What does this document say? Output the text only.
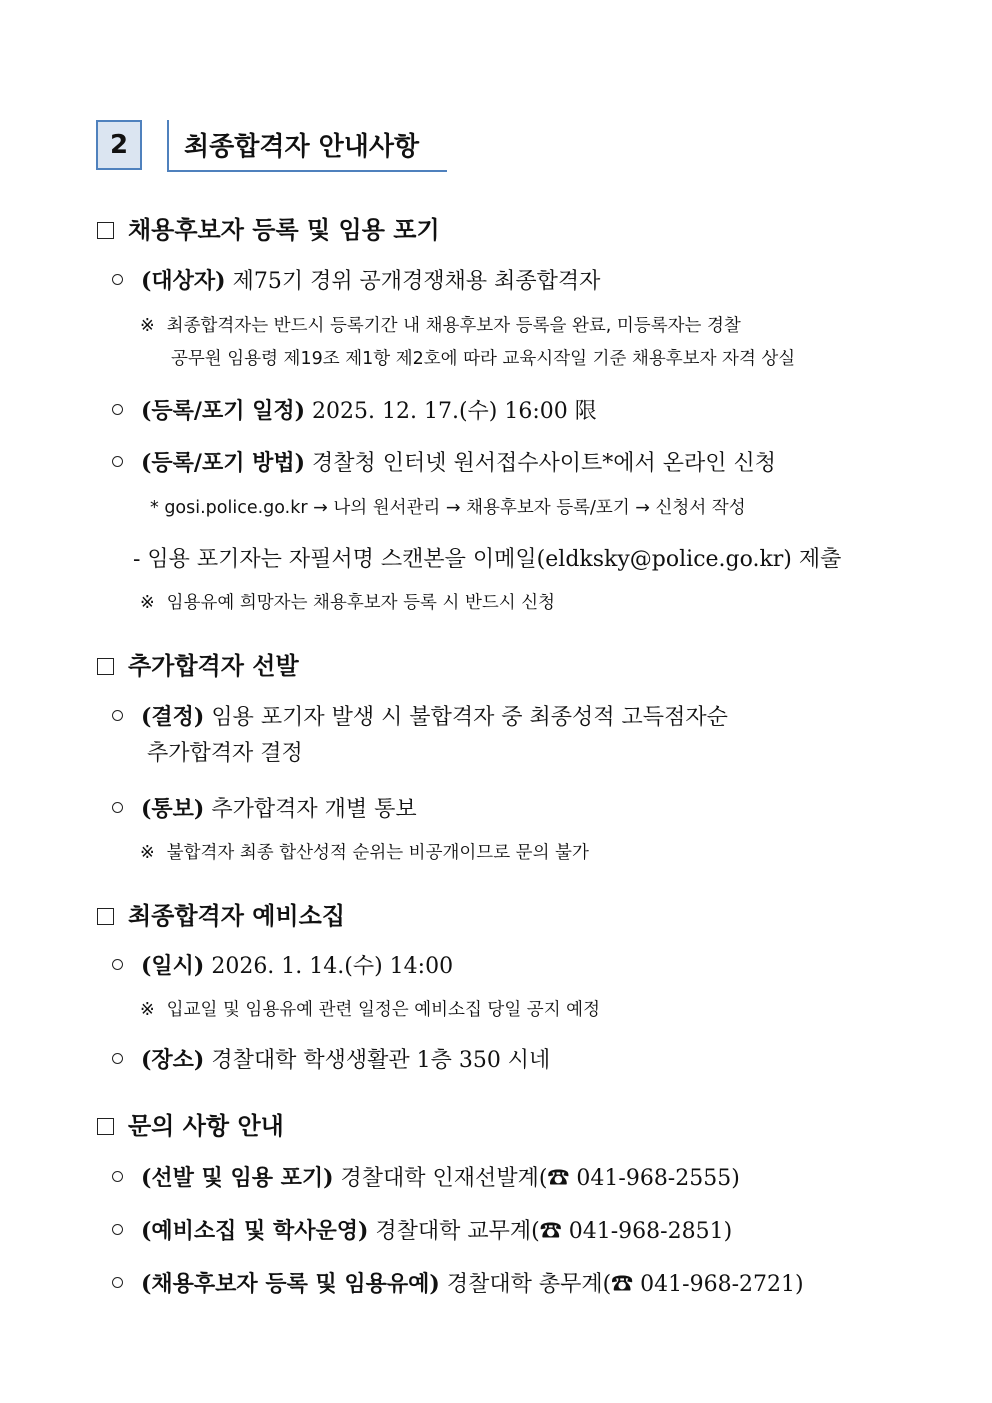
2 최종합격자 안내사항
채용후보자 등록 및 임용 포기
(대상자) 제75기 경위 공개경쟁채용 최종합격자
※ 최종합격자는 반드시 등록기간 내 채용후보자 등록을 완료, 미등록자는 경찰
공무원 임용령 제19조 제1항 제2호에 따라 교육시작일 기준 채용후보자 자격 상실
(등록/포기 일정) 2025. 12. 17.(수) 16:00 限
(등록/포기 방법) 경찰청 인터넷 원서접수사이트*에서 온라인 신청
* gosi.police.go.kr → 나의 원서관리 → 채용후보자 등록/포기 → 신청서 작성
- 임용 포기자는 자필서명 스캔본을 이메일(eldksky@police.go.kr) 제출
※ 임용유예 희망자는 채용후보자 등록 시 반드시 신청
추가합격자 선발
(결정) 임용 포기자 발생 시 불합격자 중 최종성적 고득점자순
추가합격자 결정
(통보) 추가합격자 개별 통보
※ 불합격자 최종 합산성적 순위는 비공개이므로 문의 불가
최종합격자 예비소집
(일시) 2026. 1. 14.(수) 14:00
※ 입교일 및 임용유예 관련 일정은 예비소집 당일 공지 예정
(장소) 경찰대학 학생생활관 1층 350 시네
문의 사항 안내
(선발 및 임용 포기) 경찰대학 인재선발계(☎ 041-968-2555)
(예비소집 및 학사운영) 경찰대학 교무계(☎ 041-968-2851)
(채용후보자 등록 및 임용유예) 경찰대학 총무계(☎ 041-968-2721)
